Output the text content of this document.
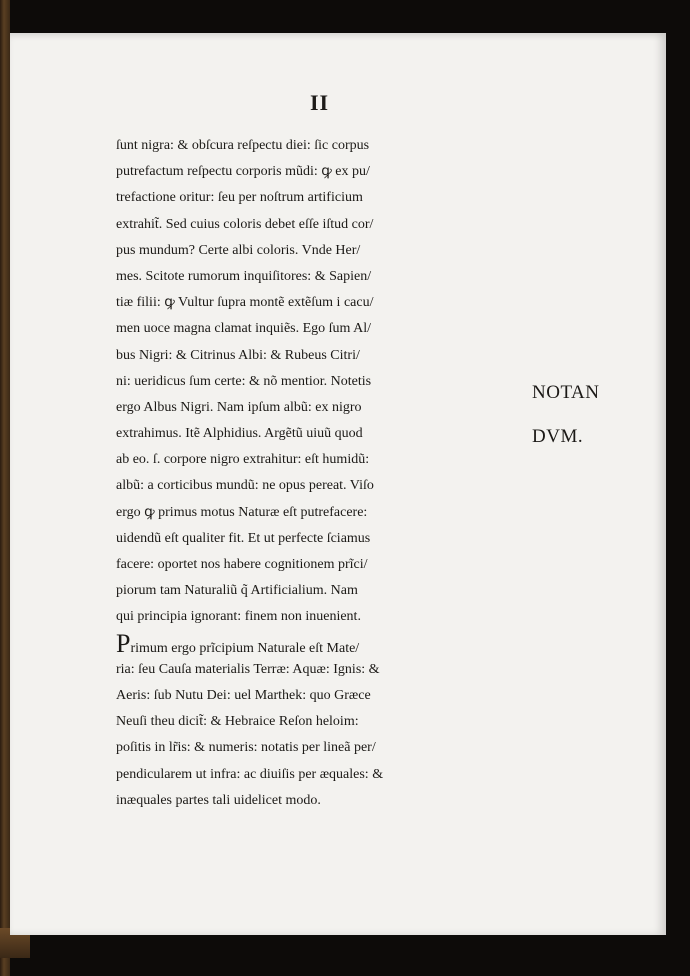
II
ſunt nigra: & obſcura reſpectu diei: ſic corpus
putrefactum reſpectu corporis mũdi: ꝙ ex pu/
trefactione oritur: ſeu per noſtrum artificium
extrahit̃. Sed cuius coloris debet eſſe iſtud cor/
pus mundum? Certe albi coloris. Vnde Her/
mes. Scitote rumorum inquiſitores: & Sapien/
tiæ filii: ꝙ Vultur ſupra montẽ extẽſum i cacu/
men uoce magna clamat inquiẽs. Ego ſum Al/
bus Nigri: & Citrinus Albi: & Rubeus Citri/
ni: ueridicus ſum certe: & nõ mentior. Notetis
ergo Albus Nigri. Nam ipſum albũ: ex nigro
extrahimus. Itẽ Alphidius. Argẽtũ uiuũ quod
ab eo. ſ. corpore nigro extrahitur: eſt humidũ:
albũ: a corticibus mundũ: ne opus pereat. Viſo
ergo ꝙ primus motus Naturæ eſt putrefacere:
uidendũ eſt qualiter fit. Et ut perfecte ſciamus
facere: oportet nos habere cognitionem prĩci/
piorum tam Naturaliũ q̃ Artificialium. Nam
qui principia ignorant: finem non inuenient.
Primum ergo prĩcipium Naturale eſt Mate/
ria: ſeu Cauſa materialis Terræ: Aquæ: Ignis: &
Aeris: ſub Nutu Dei: uel Marthek: quo Græce
Neuſi theu dicit̃: & Hebraice Reſon heloim:
poſitis in lr̃is: & numeris: notatis per lineã per/
pendicularem ut infra: ac diuiſis per æquales: &
inæquales partes tali uidelicet modo.
NOTAN
DVM.
